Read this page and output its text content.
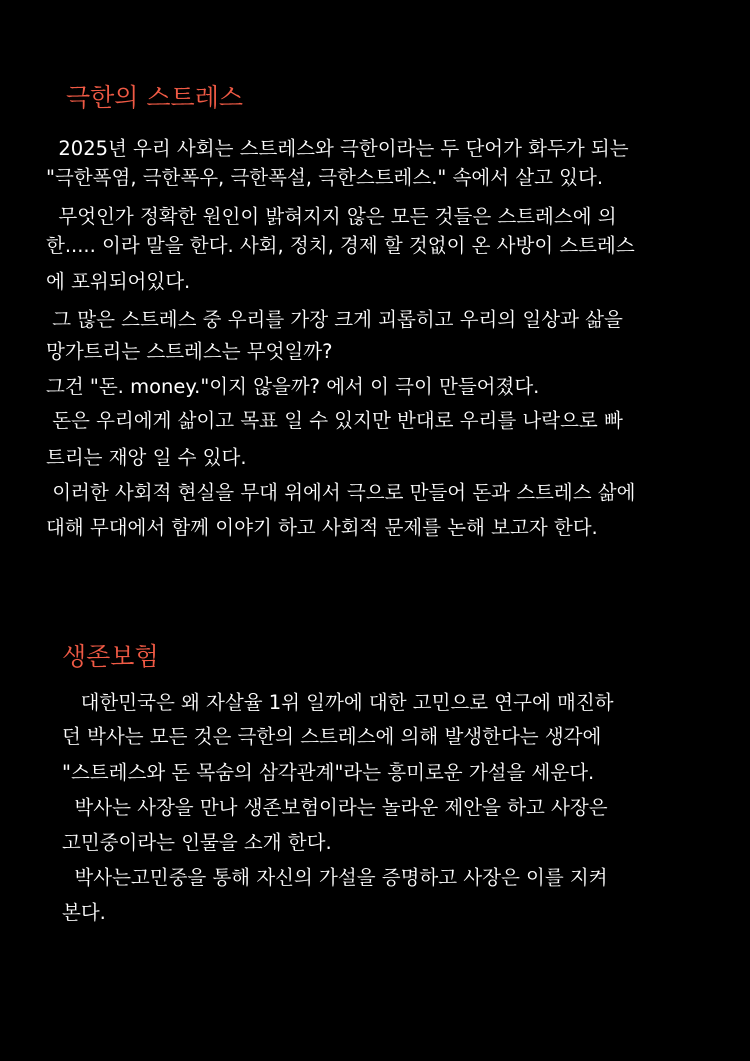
극한의 스트레스
2025년 우리 사회는 스트레스와 극한이라는 두 단어가 화두가 되는
"극한폭염, 극한폭우, 극한폭설, 극한스트레스." 속에서 살고 있다.
무엇인가 정확한 원인이 밝혀지지 않은 모든 것들은 스트레스에 의
한..... 이라 말을 한다. 사회, 정치, 경제 할 것없이 온 사방이 스트레스
에 포위되어있다.
그 많은 스트레스 중 우리를 가장 크게 괴롭히고 우리의 일상과 삶을
망가트리는 스트레스는 무엇일까?
그건 "돈. money."이지 않을까? 에서 이 극이 만들어졌다.
돈은 우리에게 삶이고 목표 일 수 있지만 반대로 우리를 나락으로 빠
트리는 재앙 일 수 있다.
이러한 사회적 현실을 무대 위에서 극으로 만들어 돈과 스트레스 삶에
대해 무대에서 함께 이야기 하고 사회적 문제를 논해 보고자 한다.
생존보험
대한민국은 왜 자살율 1위 일까에 대한 고민으로 연구에 매진하
던 박사는 모든 것은 극한의 스트레스에 의해 발생한다는 생각에
"스트레스와 돈 목숨의 삼각관계"라는 흥미로운 가설을 세운다.
박사는 사장을 만나 생존보험이라는 놀라운 제안을 하고 사장은
고민중이라는 인물을 소개 한다.
박사는고민중을 통해 자신의 가설을 증명하고 사장은 이를 지켜
본다.
